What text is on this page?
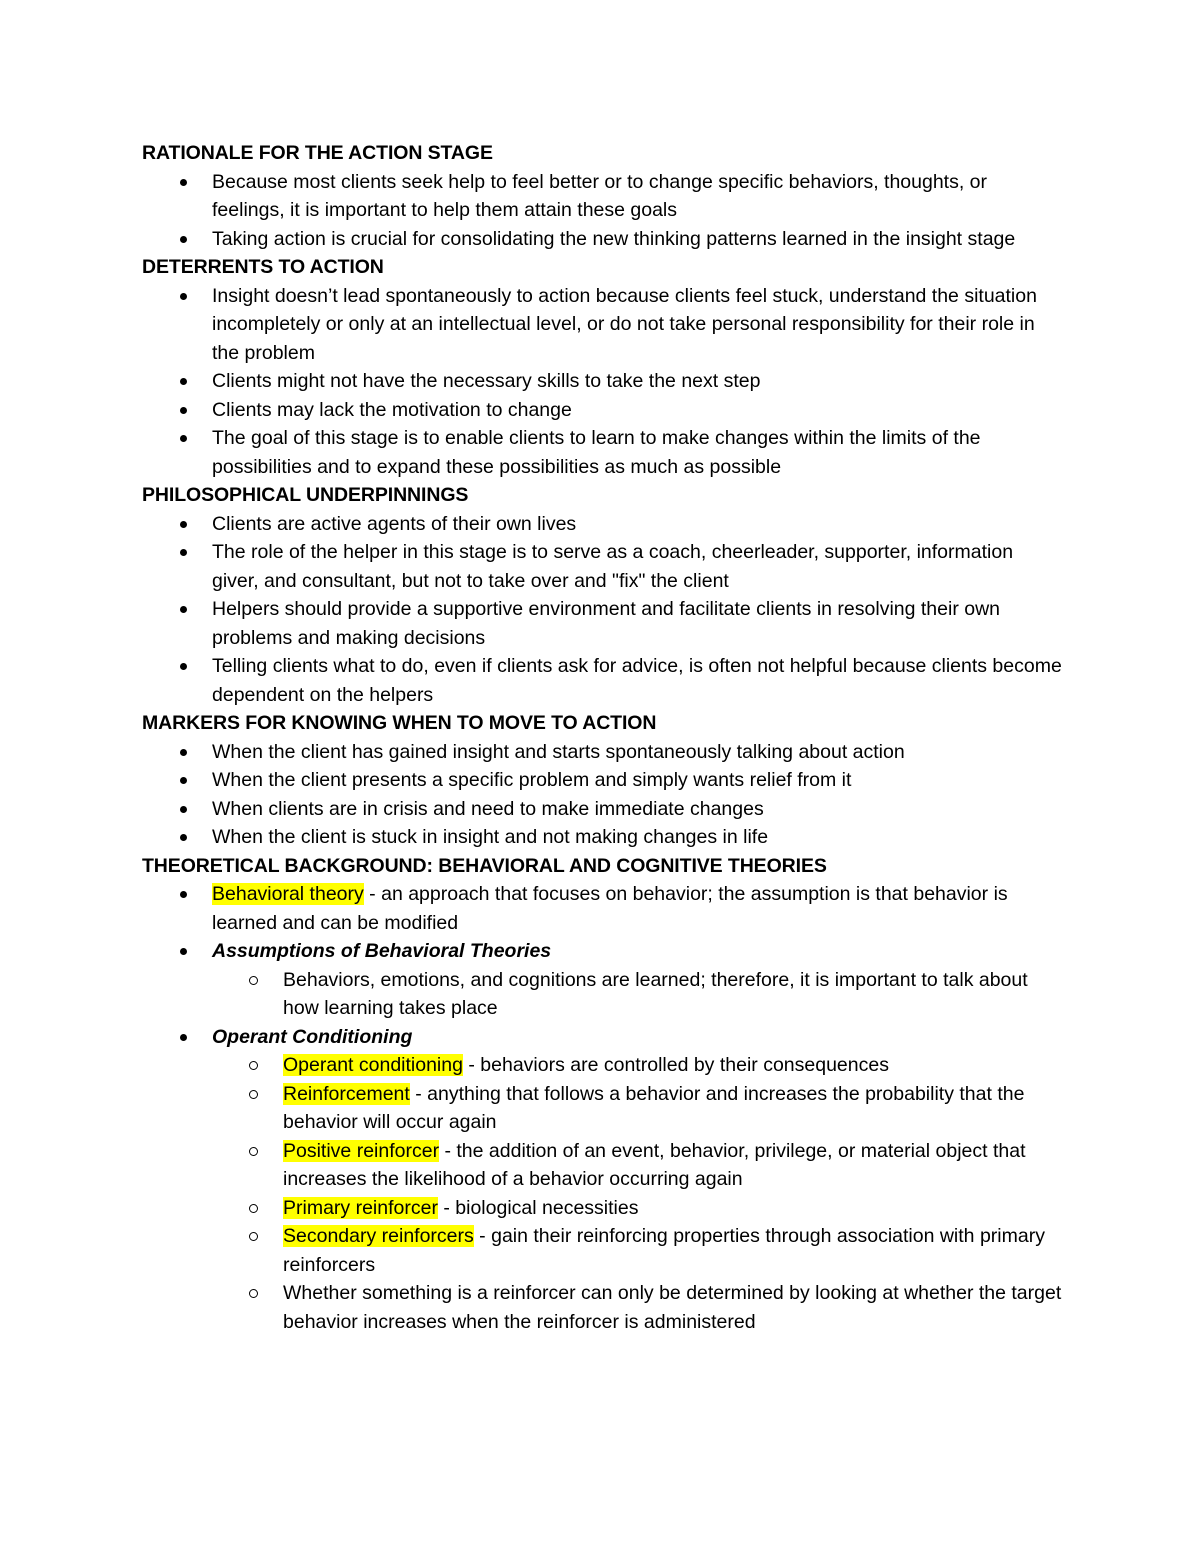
RATIONALE FOR THE ACTION STAGE

Because most clients seek help to feel better or to change specific behaviors, thoughts, or feelings, it is important to help them attain these goals
Taking action is crucial for consolidating the new thinking patterns learned in the insight stage

DETERRENTS TO ACTION

Insight doesn’t lead spontaneously to action because clients feel stuck, understand the situation incompletely or only at an intellectual level, or do not take personal responsibility for their role in the problem
Clients might not have the necessary skills to take the next step
Clients may lack the motivation to change
The goal of this stage is to enable clients to learn to make changes within the limits of the possibilities and to expand these possibilities as much as possible

PHILOSOPHICAL UNDERPINNINGS

Clients are active agents of their own lives
The role of the helper in this stage is to serve as a coach, cheerleader, supporter, information giver, and consultant, but not to take over and "fix" the client
Helpers should provide a supportive environment and facilitate clients in resolving their own problems and making decisions
Telling clients what to do, even if clients ask for advice, is often not helpful because clients become dependent on the helpers

MARKERS FOR KNOWING WHEN TO MOVE TO ACTION

When the client has gained insight and starts spontaneously talking about action
When the client presents a specific problem and simply wants relief from it
When clients are in crisis and need to make immediate changes
When the client is stuck in insight and not making changes in life

THEORETICAL BACKGROUND: BEHAVIORAL AND COGNITIVE THEORIES

Behavioral theory - an approach that focuses on behavior; the assumption is that behavior is learned and can be modified
Assumptions of Behavioral Theories
Behaviors, emotions, and cognitions are learned; therefore, it is important to talk about how learning takes place
Operant Conditioning
Operant conditioning - behaviors are controlled by their consequences
Reinforcement - anything that follows a behavior and increases the probability that the behavior will occur again
Positive reinforcer - the addition of an event, behavior, privilege, or material object that increases the likelihood of a behavior occurring again
Primary reinforcer - biological necessities
Secondary reinforcers - gain their reinforcing properties through association with primary reinforcers
Whether something is a reinforcer can only be determined by looking at whether the target behavior increases when the reinforcer is administered
